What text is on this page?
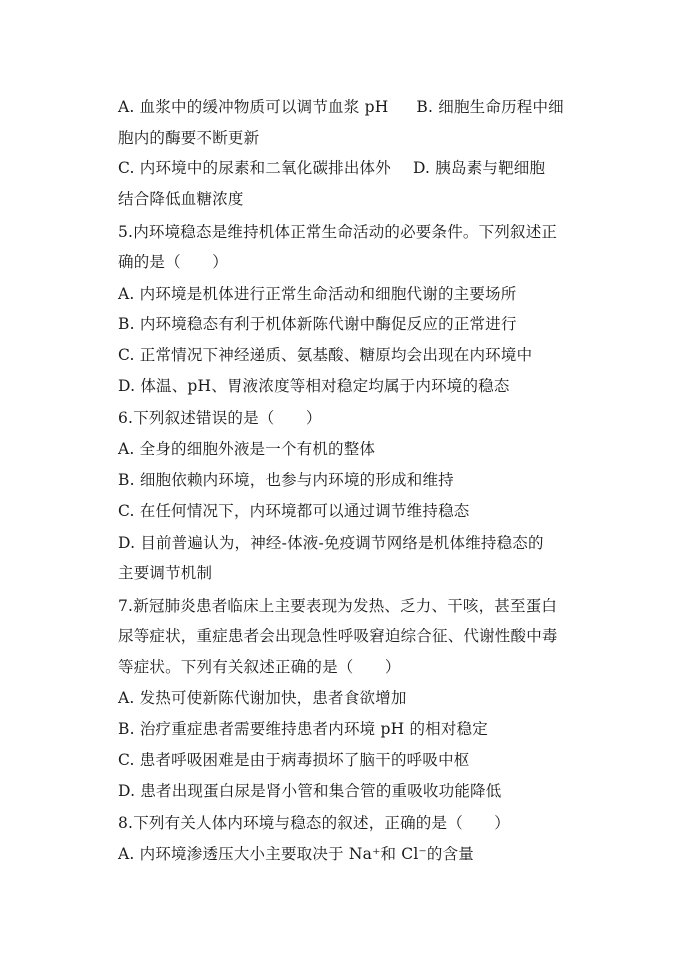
A. 血浆中的缓冲物质可以调节血浆 pH B. 细胞生命历程中细
胞内的酶要不断更新
C. 内环境中的尿素和二氧化碳排出体外 D. 胰岛素与靶细胞
结合降低血糖浓度
5.内环境稳态是维持机体正常生命活动的必要条件。下列叙述正
确的是（　　）
A. 内环境是机体进行正常生命活动和细胞代谢的主要场所
B. 内环境稳态有利于机体新陈代谢中酶促反应的正常进行
C. 正常情况下神经递质、氨基酸、糖原均会出现在内环境中
D. 体温、pH、胃液浓度等相对稳定均属于内环境的稳态
6.下列叙述错误的是（　　）
A. 全身的细胞外液是一个有机的整体
B. 细胞依赖内环境，也参与内环境的形成和维持
C. 在任何情况下，内环境都可以通过调节维持稳态
D. 目前普遍认为，神经-体液-免疫调节网络是机体维持稳态的
主要调节机制
7.新冠肺炎患者临床上主要表现为发热、乏力、干咳，甚至蛋白
尿等症状，重症患者会出现急性呼吸窘迫综合征、代谢性酸中毒
等症状。下列有关叙述正确的是（　　）
A. 发热可使新陈代谢加快，患者食欲增加
B. 治疗重症患者需要维持患者内环境 pH 的相对稳定
C. 患者呼吸困难是由于病毒损坏了脑干的呼吸中枢
D. 患者出现蛋白尿是肾小管和集合管的重吸收功能降低
8.下列有关人体内环境与稳态的叙述，正确的是（　　）
A. 内环境渗透压大小主要取决于 Na⁺和 Cl⁻的含量
